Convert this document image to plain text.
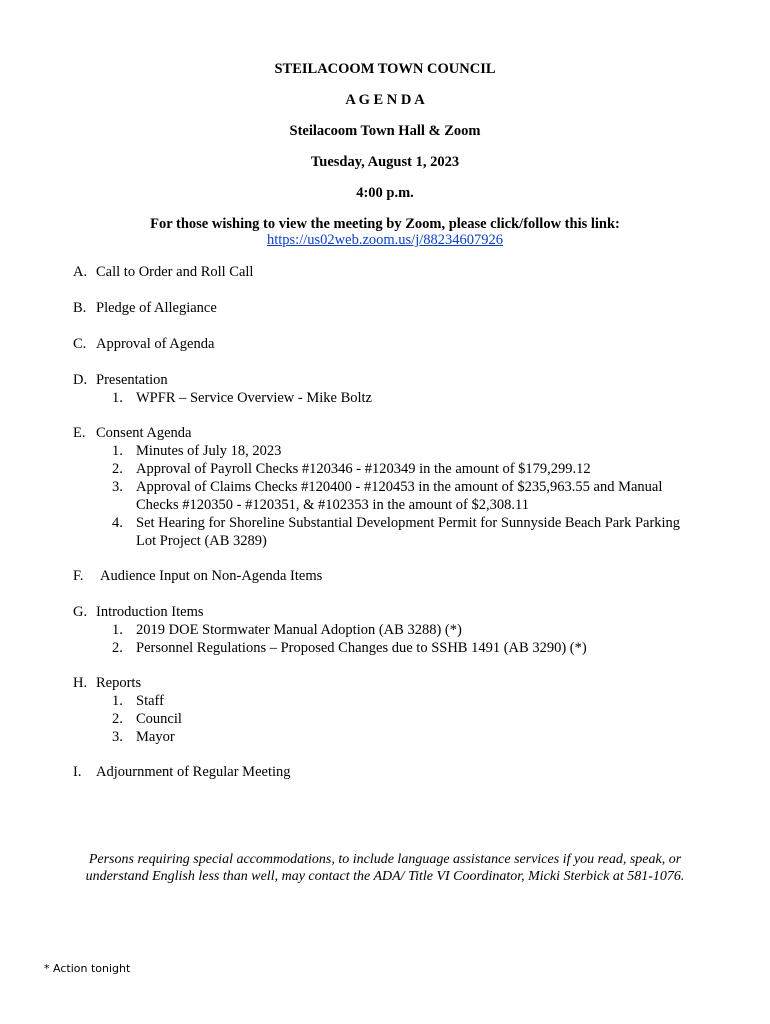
STEILACOOM TOWN COUNCIL
A G E N D A
Steilacoom Town Hall & Zoom
Tuesday, August 1, 2023
4:00 p.m.
For those wishing to view the meeting by Zoom, please click/follow this link:
https://us02web.zoom.us/j/88234607926
A. Call to Order and Roll Call
B. Pledge of Allegiance
C. Approval of Agenda
D. Presentation
1. WPFR – Service Overview - Mike Boltz
E. Consent Agenda
1. Minutes of July 18, 2023
2. Approval of Payroll Checks #120346 - #120349 in the amount of $179,299.12
3. Approval of Claims Checks #120400 - #120453 in the amount of $235,963.55 and Manual
Checks #120350 - #120351, & #102353 in the amount of $2,308.11
4. Set Hearing for Shoreline Substantial Development Permit for Sunnyside Beach Park Parking
Lot Project (AB 3289)
F. Audience Input on Non-Agenda Items
G. Introduction Items
1. 2019 DOE Stormwater Manual Adoption (AB 3288) (*)
2. Personnel Regulations – Proposed Changes due to SSHB 1491 (AB 3290) (*)
H. Reports
1. Staff
2. Council
3. Mayor
I. Adjournment of Regular Meeting
Persons requiring special accommodations, to include language assistance services if you read, speak, or
understand English less than well, may contact the ADA/ Title VI Coordinator, Micki Sterbick at 581-1076.
* Action tonight
